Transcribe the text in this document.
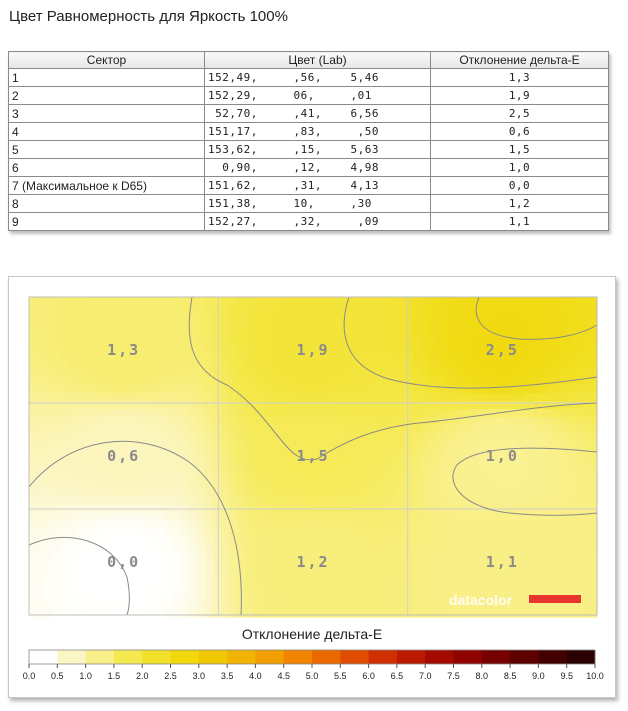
Цвет Равномерность для Яркость 100%
Сектор	Цвет (Lab)	Отклонение дельта-E
1	152,49,     ,56,    5,46	1,3
2	152,29,     06,     ,01	1,9
3	52,70,     ,41,    6,56	2,5
4	151,17,     ,83,     ,50	0,6
5	153,62,     ,15,    5,63	1,5
6	0,90,     ,12,    4,98	1,0
7 (Максимальное к D65)	151,62,     ,31,    4,13	0,0
8	151,38,     10,     ,30	1,2
9	152,27,     ,32,     ,09	1,1
1,3	1,9	2,5
0,6	1,5	1,0
0,0	1,2	1,1
datacolor
Отклонение дельта-E
0.0 0.5 1.0 1.5 2.0 2.5 3.0 3.5 4.0 4.5 5.0 5.5 6.0 6.5 7.0 7.5 8.0 8.5 9.0 9.5 10.0
